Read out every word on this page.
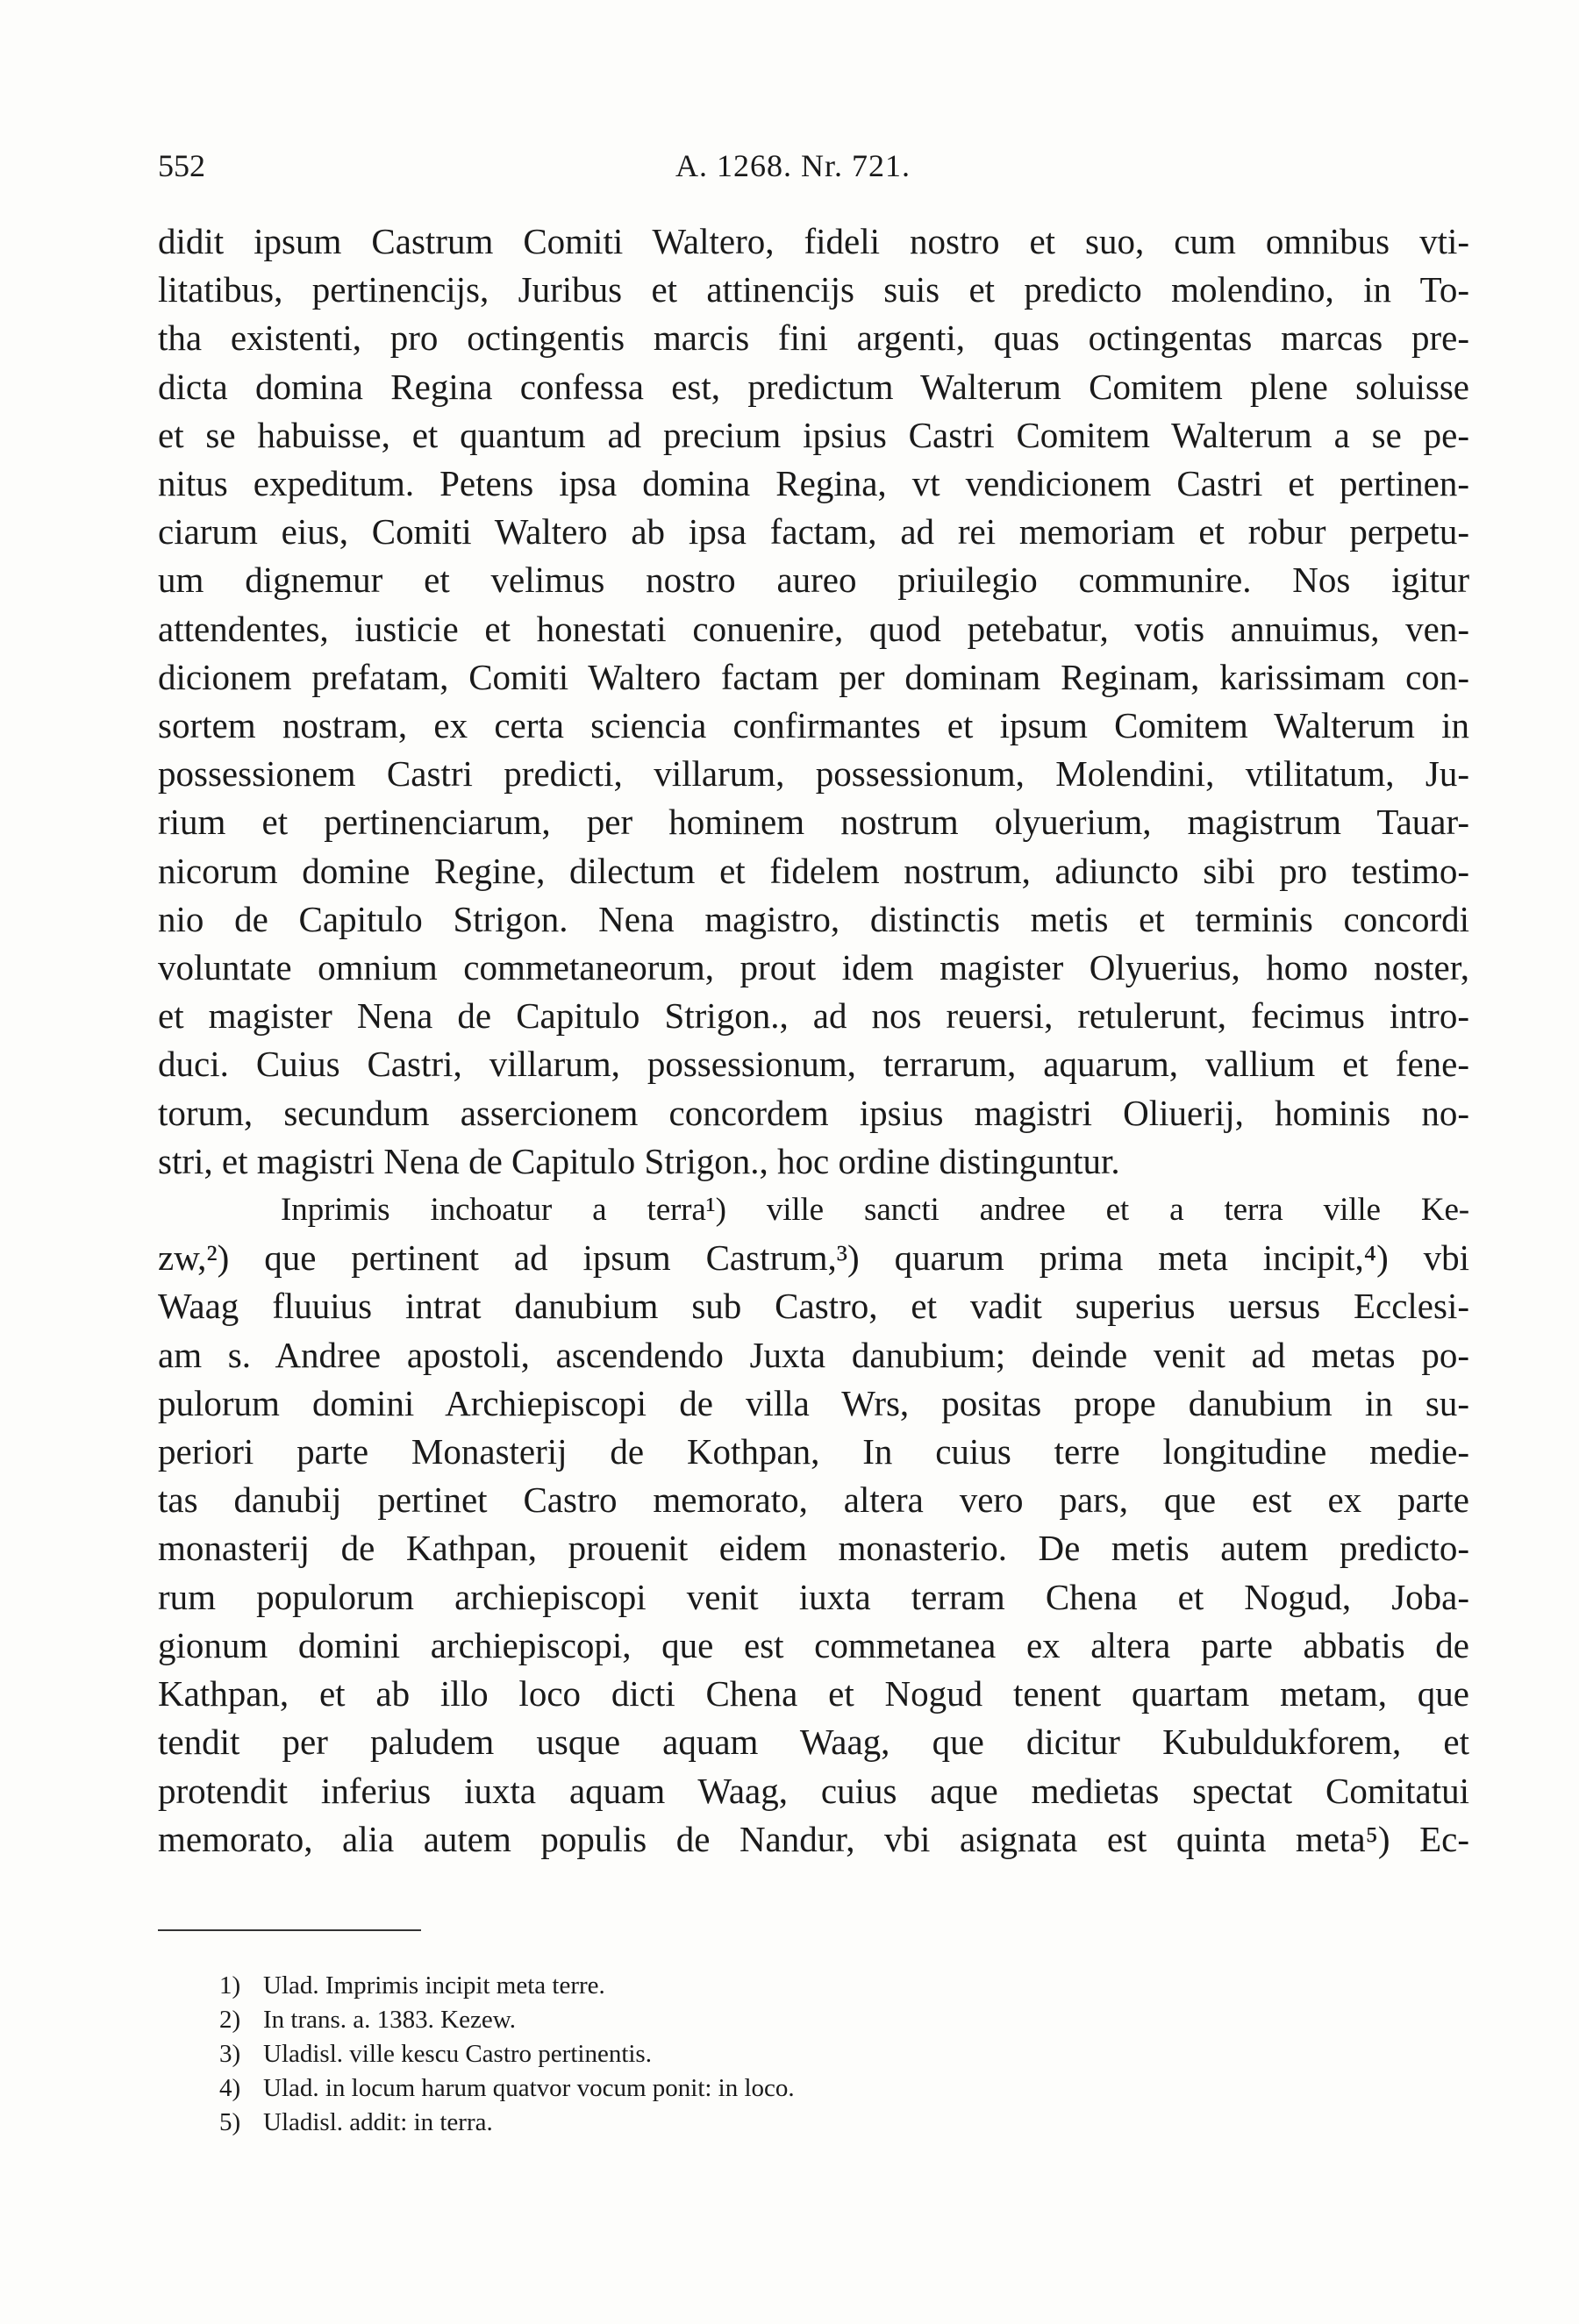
552	A. 1268. Nr. 721.

didit ipsum Castrum Comiti Waltero, fideli nostro et suo, cum omnibus vti-
litatibus, pertinencijs, Juribus et attinencijs suis et predicto molendino, in To-
tha existenti, pro octingentis marcis fini argenti, quas octingentas marcas pre-
dicta domina Regina confessa est, predictum Walterum Comitem plene soluisse
et se habuisse, et quantum ad precium ipsius Castri Comitem Walterum a se pe-
nitus expeditum. Petens ipsa domina Regina, vt vendicionem Castri et pertinen-
ciarum eius, Comiti Waltero ab ipsa factam, ad rei memoriam et robur perpetu-
um dignemur et velimus nostro aureo priuilegio communire. Nos igitur
attendentes, iusticie et honestati conuenire, quod petebatur, votis annuimus, ven-
dicionem prefatam, Comiti Waltero factam per dominam Reginam, karissimam con-
sortem nostram, ex certa sciencia confirmantes et ipsum Comitem Walterum in
possessionem Castri predicti, villarum, possessionum, Molendini, vtilitatum, Ju-
rium et pertinenciarum, per hominem nostrum olyuerium, magistrum Tauar-
nicorum domine Regine, dilectum et fidelem nostrum, adiuncto sibi pro testimo-
nio de Capitulo Strigon. Nena magistro, distinctis metis et terminis concordi
voluntate omnium commetaneorum, prout idem magister Olyuerius, homo noster,
et magister Nena de Capitulo Strigon., ad nos reuersi, retulerunt, fecimus intro-
duci. Cuius Castri, villarum, possessionum, terrarum, aquarum, vallium et fene-
torum, secundum assercionem concordem ipsius magistri Oliuerij, hominis no-
stri, et magistri Nena de Capitulo Strigon., hoc ordine distinguntur.

Inprimis inchoatur a terra¹) ville sancti andree et a terra ville Ke-
zw,²) que pertinent ad ipsum Castrum,³) quarum prima meta incipit,⁴) vbi
Waag fluuius intrat danubium sub Castro, et vadit superius uersus Ecclesi-
am s. Andree apostoli, ascendendo Juxta danubium; deinde venit ad metas po-
pulorum domini Archiepiscopi de villa Wrs, positas prope danubium in su-
periori parte Monasterij de Kothpan, In cuius terre longitudine medie-
tas danubij pertinet Castro memorato, altera vero pars, que est ex parte
monasterij de Kathpan, prouenit eidem monasterio. De metis autem predicto-
rum populorum archiepiscopi venit iuxta terram Chena et Nogud, Joba-
gionum domini archiepiscopi, que est commetanea ex altera parte abbatis de
Kathpan, et ab illo loco dicti Chena et Nogud tenent quartam metam, que
tendit per paludem usque aquam Waag, que dicitur Kubuldukforem, et
protendit inferius iuxta aquam Waag, cuius aque medietas spectat Comitatui
memorato, alia autem populis de Nandur, vbi asignata est quinta meta⁵) Ec-

1) Ulad. Imprimis incipit meta terre.
2) In trans. a. 1383. Kezew.
3) Uladisl. ville kescu Castro pertinentis.
4) Ulad. in locum harum quatvor vocum ponit: in loco.
5) Uladisl. addit: in terra.
